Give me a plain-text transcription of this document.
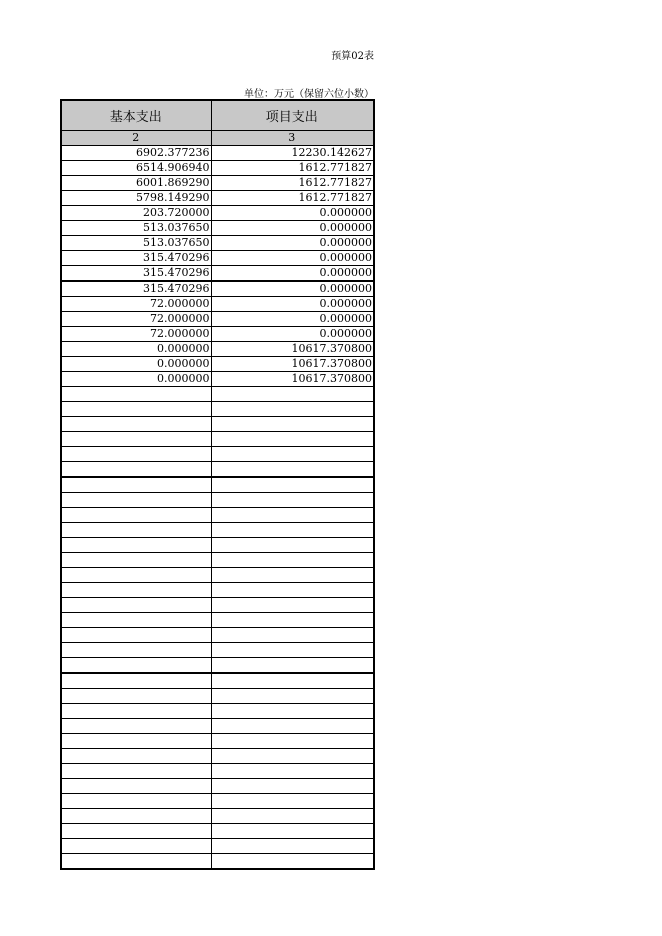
预算02表
单位：万元（保留六位小数）
基本支出	项目支出
2	3
6902.377236	12230.142627
6514.906940	1612.771827
6001.869290	1612.771827
5798.149290	1612.771827
203.720000	0.000000
513.037650	0.000000
513.037650	0.000000
315.470296	0.000000
315.470296	0.000000
315.470296	0.000000
72.000000	0.000000
72.000000	0.000000
72.000000	0.000000
0.000000	10617.370800
0.000000	10617.370800
0.000000	10617.370800
